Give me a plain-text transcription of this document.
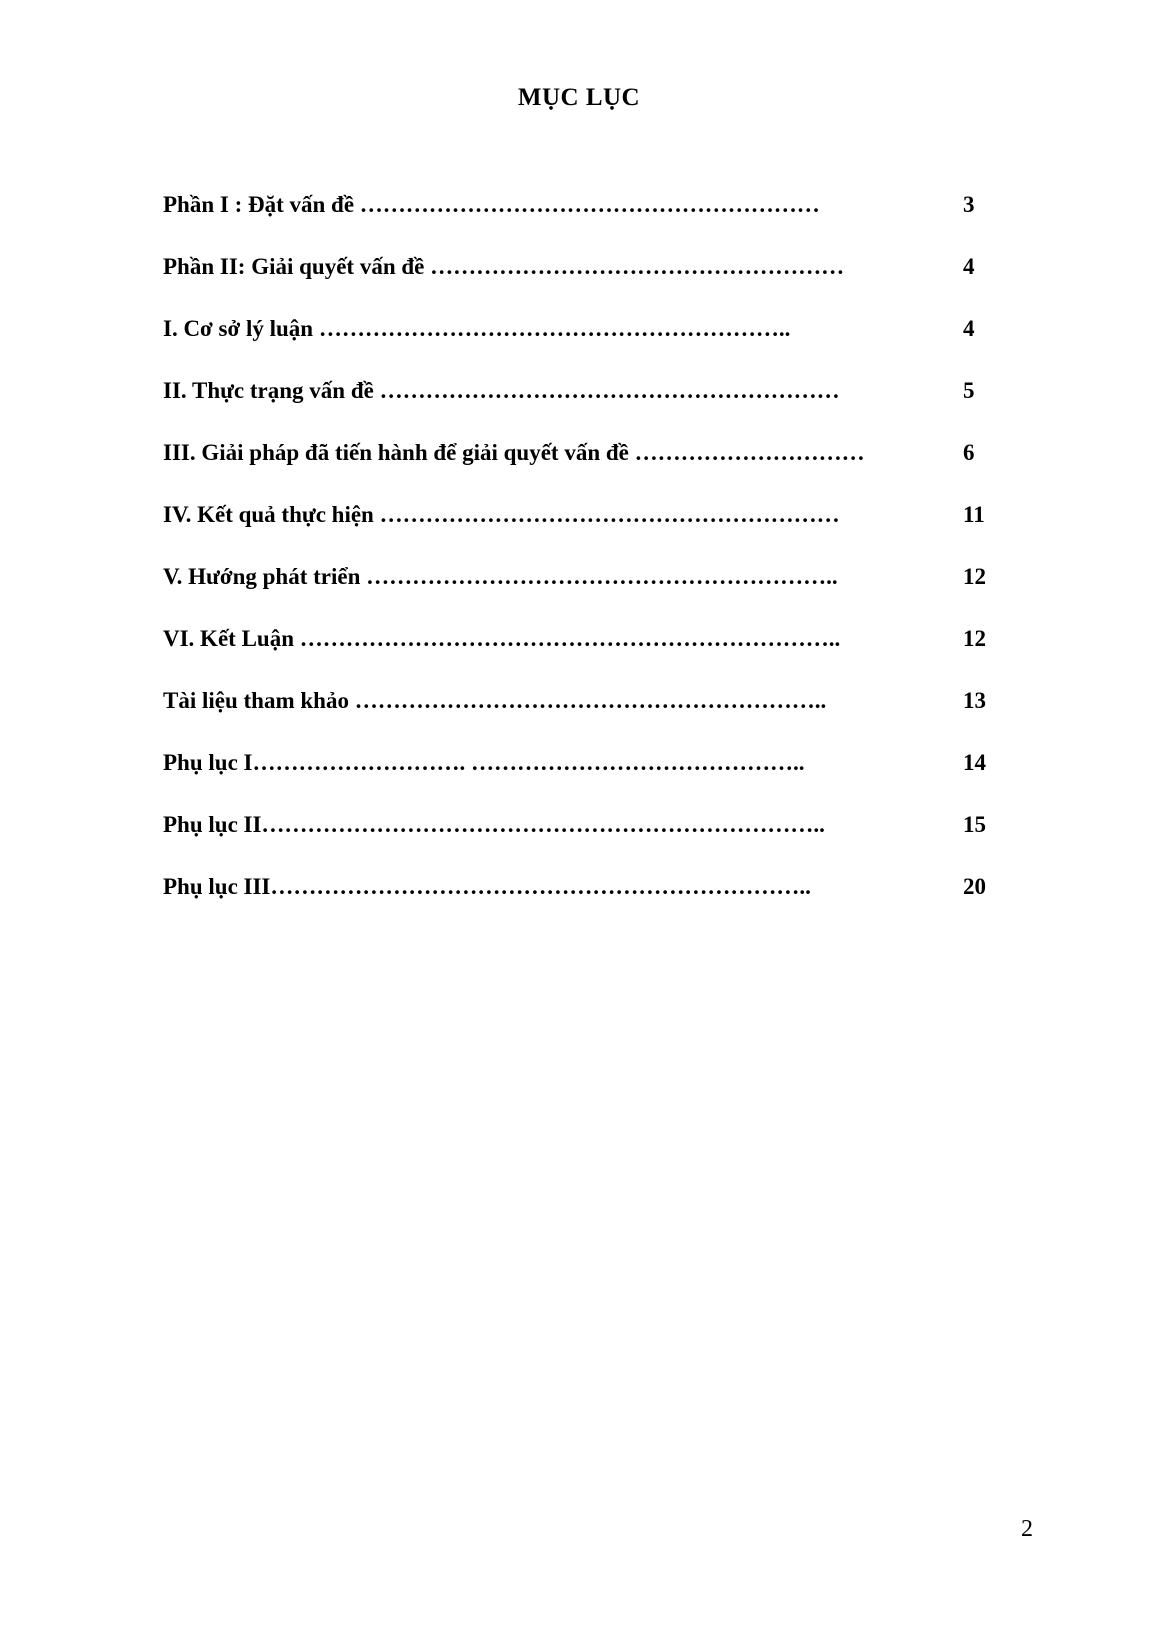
MỤC LỤC
Phần I : Đặt vấn đề ……………………………………………………	3
Phần II: Giải quyết vấn đề ………………………………………………	4
I. Cơ sở lý luận ……………………………………………………..	4
II. Thực trạng vấn đề ……………………………………………………	5
III. Giải pháp đã tiến hành để giải quyết vấn đề …………………………	6
IV. Kết quả thực hiện ……………………………………………………	11
V. Hướng phát triển ……………………………………………………..	12
VI. Kết Luận ……………………………………………………………..	12
Tài liệu tham khảo ……………………………………………………..	13
Phụ lục I………………………. ……………………………………..	14
Phụ lục II………………………………………………………………..	15
Phụ lục III……………………………………………………………..	20
2
